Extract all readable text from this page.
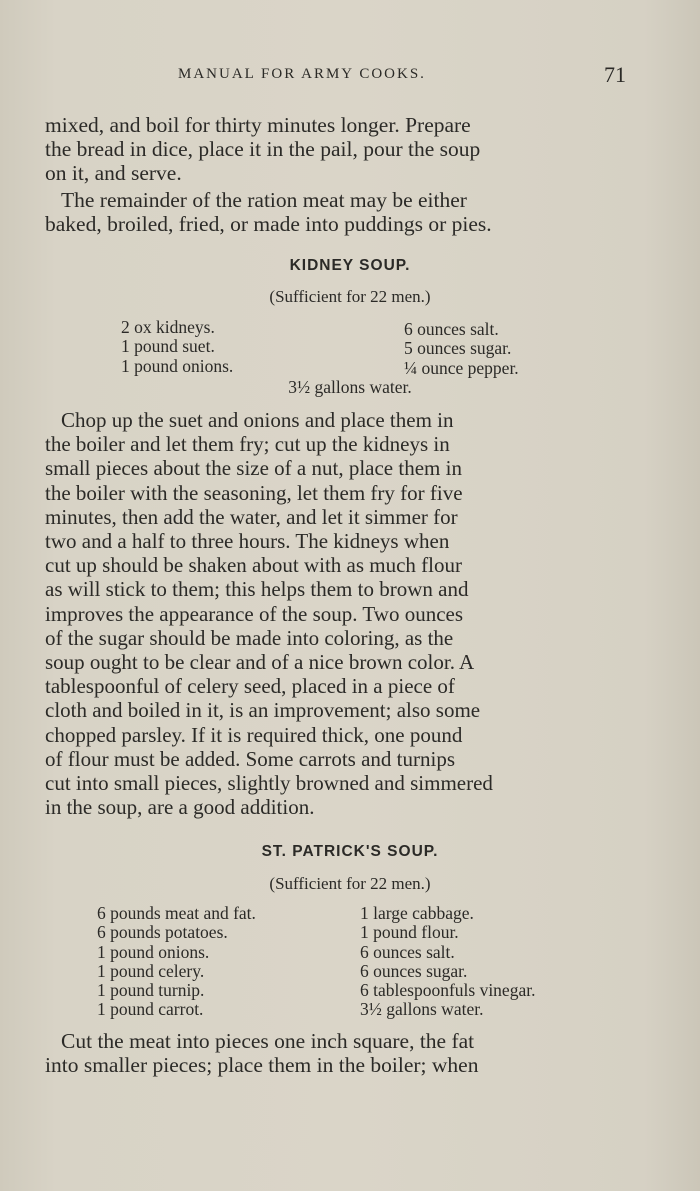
MANUAL FOR ARMY COOKS.	71

mixed, and boil for thirty minutes longer. Prepare
the bread in dice, place it in the pail, pour the soup
on it, and serve.

The remainder of the ration meat may be either
baked, broiled, fried, or made into puddings or pies.

KIDNEY SOUP.
(Sufficient for 22 men.)
2 ox kidneys.
1 pound suet.
1 pound onions.
6 ounces salt.
5 ounces sugar.
¼ ounce pepper.
3½ gallons water.

Chop up the suet and onions and place them in
the boiler and let them fry; cut up the kidneys in
small pieces about the size of a nut, place them in
the boiler with the seasoning, let them fry for five
minutes, then add the water, and let it simmer for
two and a half to three hours. The kidneys when
cut up should be shaken about with as much flour
as will stick to them; this helps them to brown and
improves the appearance of the soup. Two ounces
of the sugar should be made into coloring, as the
soup ought to be clear and of a nice brown color. A
tablespoonful of celery seed, placed in a piece of
cloth and boiled in it, is an improvement; also some
chopped parsley. If it is required thick, one pound
of flour must be added. Some carrots and turnips
cut into small pieces, slightly browned and simmered
in the soup, are a good addition.

ST. PATRICK'S SOUP.
(Sufficient for 22 men.)
6 pounds meat and fat.
6 pounds potatoes.
1 pound onions.
1 pound celery.
1 pound turnip.
1 pound carrot.
1 large cabbage.
1 pound flour.
6 ounces salt.
6 ounces sugar.
6 tablespoonfuls vinegar.
3½ gallons water.

Cut the meat into pieces one inch square, the fat
into smaller pieces; place them in the boiler; when
